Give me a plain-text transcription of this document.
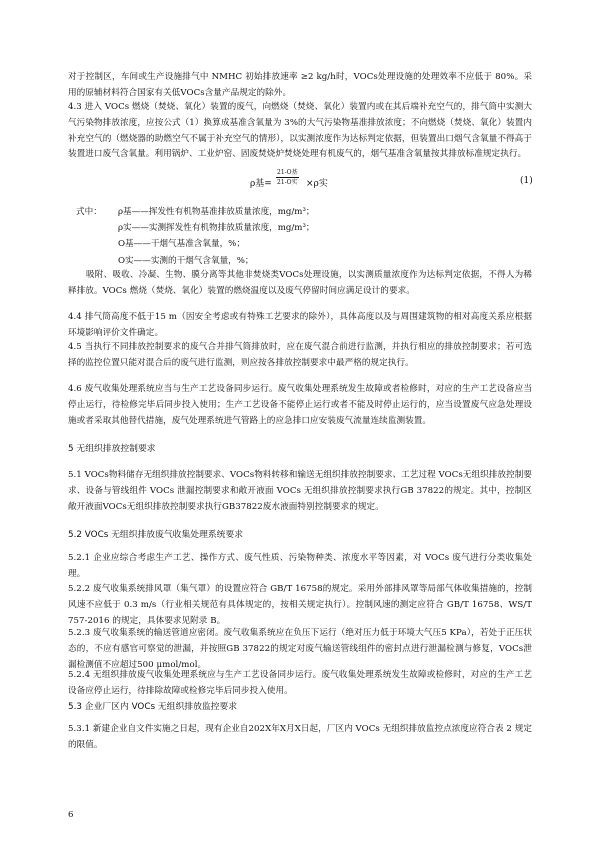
对于控制区，车间或生产设施排气中 NMHC 初始排放速率 ≥2 kg/h时，VOCs处理设施的处理效率不应低于 80%。采用的原辅材料符合国家有关低VOCs含量产品规定的除外。

4.3 进入 VOCs 燃烧（焚烧、氧化）装置的废气，向燃烧（焚烧、氧化）装置内或在其后端补充空气的，排气筒中实测大气污染物排放浓度，应按公式（1）换算成基准含氧量为 3%的大气污染物基准排放浓度；不向燃烧（焚烧、氧化）装置内补充空气的（燃烧器的助燃空气不属于补充空气的情形），以实测浓度作为达标判定依据，但装置出口烟气含氧量不得高于装置进口废气含氧量。利用锅炉、工业炉窑、固废焚烧炉焚烧处理有机废气的，烟气基准含氧量按其排放标准规定执行。

ρ基=
21-O基
21-O实 ×ρ实	(1)
式中： ρ基——挥发性有机物基准排放质量浓度，mg/m³；
ρ实——实测挥发性有机物排放质量浓度，mg/m³；
O基——干烟气基准含氧量，%；
O实——实测的干烟气含氧量，%；

吸附、吸收、冷凝、生物、膜分离等其他非焚烧类VOCs处理设施，以实测质量浓度作为达标判定依据，不得人为稀释排放。VOCs 燃烧（焚烧、氧化）装置的燃烧温度以及废气停留时间应满足设计的要求。

4.4 排气筒高度不低于15 m（因安全考虑或有特殊工艺要求的除外），具体高度以及与周围建筑物的相对高度关系应根据环境影响评价文件确定。

4.5 当执行不同排放控制要求的废气合并排气筒排放时，应在废气混合前进行监测，并执行相应的排放控制要求；若可选择的监控位置只能对混合后的废气进行监测，则应按各排放控制要求中最严格的规定执行。

4.6 废气收集处理系统应当与生产工艺设备同步运行。废气收集处理系统发生故障或者检修时，对应的生产工艺设备应当停止运行，待检修完毕后同步投入使用；生产工艺设备不能停止运行或者不能及时停止运行的，应当设置废气应急处理设施或者采取其他替代措施，废气处理系统进气管路上的应急排口应安装废气流量连续监测装置。

5 无组织排放控制要求

5.1 VOCs物料储存无组织排放控制要求、VOCs物料转移和输送无组织排放控制要求、工艺过程 VOCs无组织排放控制要求、设备与管线组件 VOCs 泄漏控制要求和敞开液面 VOCs 无组织排放控制要求执行GB 37822的规定。其中，控制区敞开液面VOCs无组织排放控制要求执行GB37822废水液面特别控制要求的规定。

5.2 VOCs 无组织排放废气收集处理系统要求

5.2.1 企业应综合考虑生产工艺、操作方式、废气性质、污染物种类、浓度水平等因素，对 VOCs 废气进行分类收集处理。

5.2.2 废气收集系统排风罩（集气罩）的设置应符合 GB/T 16758的规定。采用外部排风罩等局部气体收集措施的，控制风速不应低于 0.3 m/s（行业相关规范有具体规定的，按相关规定执行）。控制风速的测定应符合 GB/T 16758、WS/T 757-2016 的规定，具体要求见附录 B。

5.2.3 废气收集系统的输送管道应密闭。废气收集系统应在负压下运行（绝对压力低于环境大气压5 KPa），若处于正压状态的，不应有感官可察觉的泄漏，并按照GB 37822的规定对废气输送管线组件的密封点进行泄漏检测与修复，VOCs泄漏检测值不应超过500 μmol/mol。

5.2.4 无组织排放废气收集处理系统应与生产工艺设备同步运行。废气收集处理系统发生故障或检修时，对应的生产工艺设备应停止运行，待排除故障或检修完毕后同步投入使用。

5.3 企业厂区内 VOCs 无组织排放监控要求

5.3.1 新建企业自文件实施之日起，现有企业自202X年X月X日起，厂区内 VOCs 无组织排放监控点浓度应符合表 2 规定的限值。

6
